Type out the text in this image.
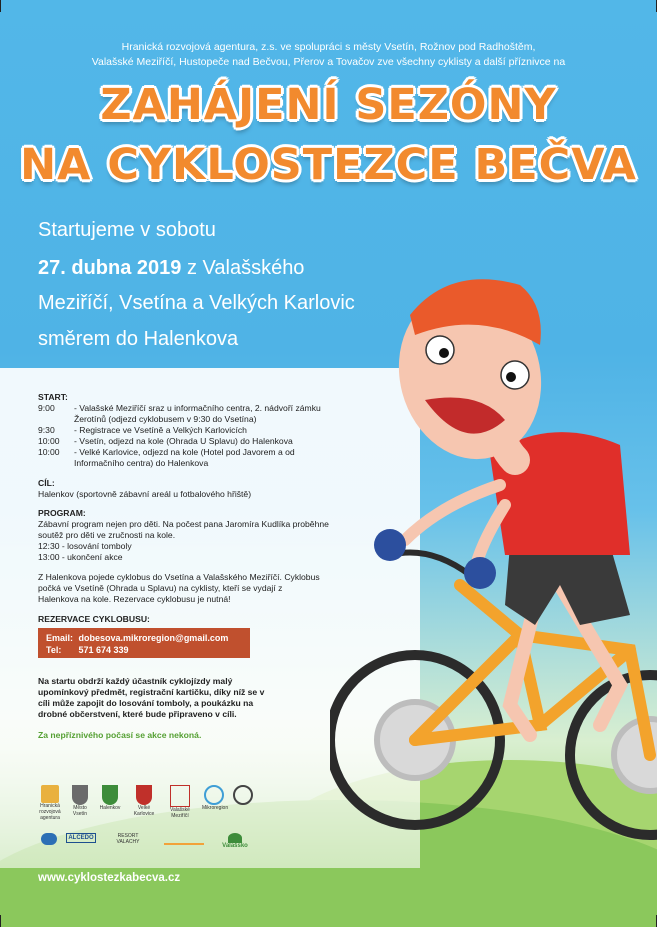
Hranická rozvojová agentura, z.s. ve spolupráci s městy Vsetín, Rožnov pod Radhoštěm,
Valašské Meziříčí, Hustopeče nad Bečvou, Přerov a Tovačov zve všechny cyklisty a další příznivce na
ZAHÁJENÍ SEZÓNY
NA CYKLOSTEZCE BEČVA
Startujeme v sobotu
27. dubna 2019 z Valašského
Meziříčí, Vsetína a Velkých Karlovic
směrem do Halenkova
START:
9:00 - Valašské Meziříčí sraz u informačního centra, 2. nádvoří zámku Žerotínů (odjezd cyklobusem v 9:30 do Vsetína)
9:30 - Registrace ve Vsetíně a Velkých Karlovicích
10:00 - Vsetín, odjezd na kole (Ohrada U Splavu) do Halenkova
10:00 - Velké Karlovice, odjezd na kole (Hotel pod Javorem a od Informačního centra) do Halenkova
CÍL:
Halenkov (sportovně zábavní areál u fotbalového hřiště)
PROGRAM:
Zábavní program nejen pro děti. Na počest pana Jaromíra Kudlíka proběhne soutěž pro děti ve zručnosti na kole.
12:30 - losování tomboly
13:00 - ukončení akce
Z Halenkova pojede cyklobus do Vsetína a Valašského Meziříčí. Cyklobus počká ve Vsetíně (Ohrada u Splavu) na cyklisty, kteří se vydají z Halenkova na kole. Rezervace cyklobusu je nutná!
REZERVACE CYKLOBUSU:
Email: dobesova.mikroregion@gmail.com
Tel: 571 674 339
Na startu obdrží každý účastník cyklojízdy malý upomínkový předmět, registrační kartičku, díky níž se v cíli může zapojit do losování tomboly, a poukázku na drobné občerstvení, které bude připraveno v cíli.
Za nepříznivého počasí se akce nekoná.
Hranická rozvojová agentura
Město Vsetín
Halenkov	Velké Karlovice
Valašské Meziříčí
Mikroregion
ALCEDO	RESORT VALACHY
Valašsko
www.cyklostezkabecva.cz
